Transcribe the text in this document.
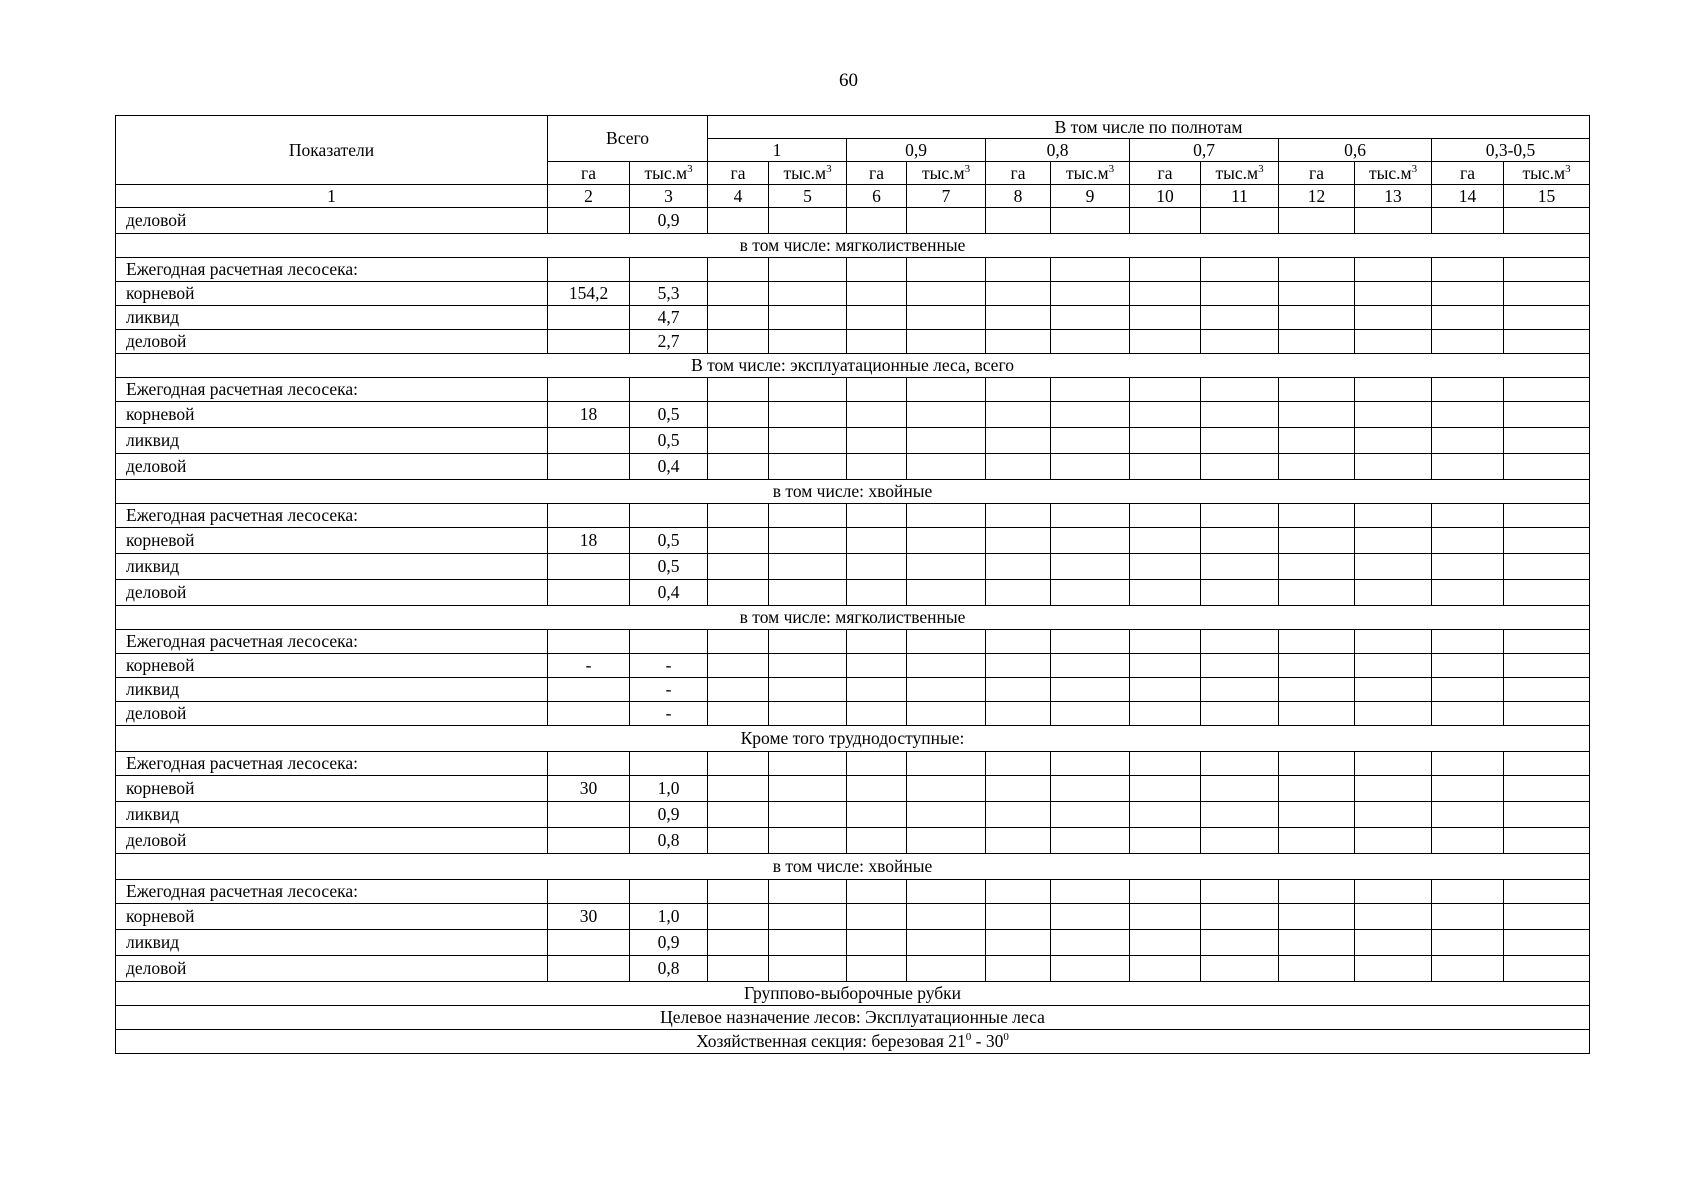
60
Показатели	Всего		В том числе по полнотам											
			1		0,9		0,8		0,7		0,6		0,3-0,5	
	га	$тыс.м^3$	га	$тыс.м^3$	га	$тыс.м^3$	га	$тыс.м^3$	га	$тыс.м^3$	га	$тыс.м^3$	га	$тыс.м^3$
1	2	3	4	5	6	7	8	9	10	11	12	13	14	15
деловой		0,9												
в том числе: мягколиственные														
Ежегодная расчетная лесосека:														
корневой	154,2	5,3												
ликвид		4,7												
деловой		2,7												
В том числе: эксплуатационные леса, всего														
Ежегодная расчетная лесосека:														
корневой	18	0,5												
ликвид		0,5												
деловой		0,4												
в том числе: хвойные														
Ежегодная расчетная лесосека:														
корневой	18	0,5												
ликвид		0,5												
деловой		0,4												
в том числе: мягколиственные														
Ежегодная расчетная лесосека:														
корневой	-	-												
ликвид		-												
деловой		-												
Кроме того труднодоступные:														
Ежегодная расчетная лесосека:														
корневой	30	1,0												
ликвид		0,9												
деловой		0,8												
в том числе: хвойные														
Ежегодная расчетная лесосека:														
корневой	30	1,0												
ликвид		0,9												
деловой		0,8												
Группово-выборочные рубки														
Целевое назначение лесов: Эксплуатационные леса														
Хозяйственная секция: березовая $21^0 - 30^0$
